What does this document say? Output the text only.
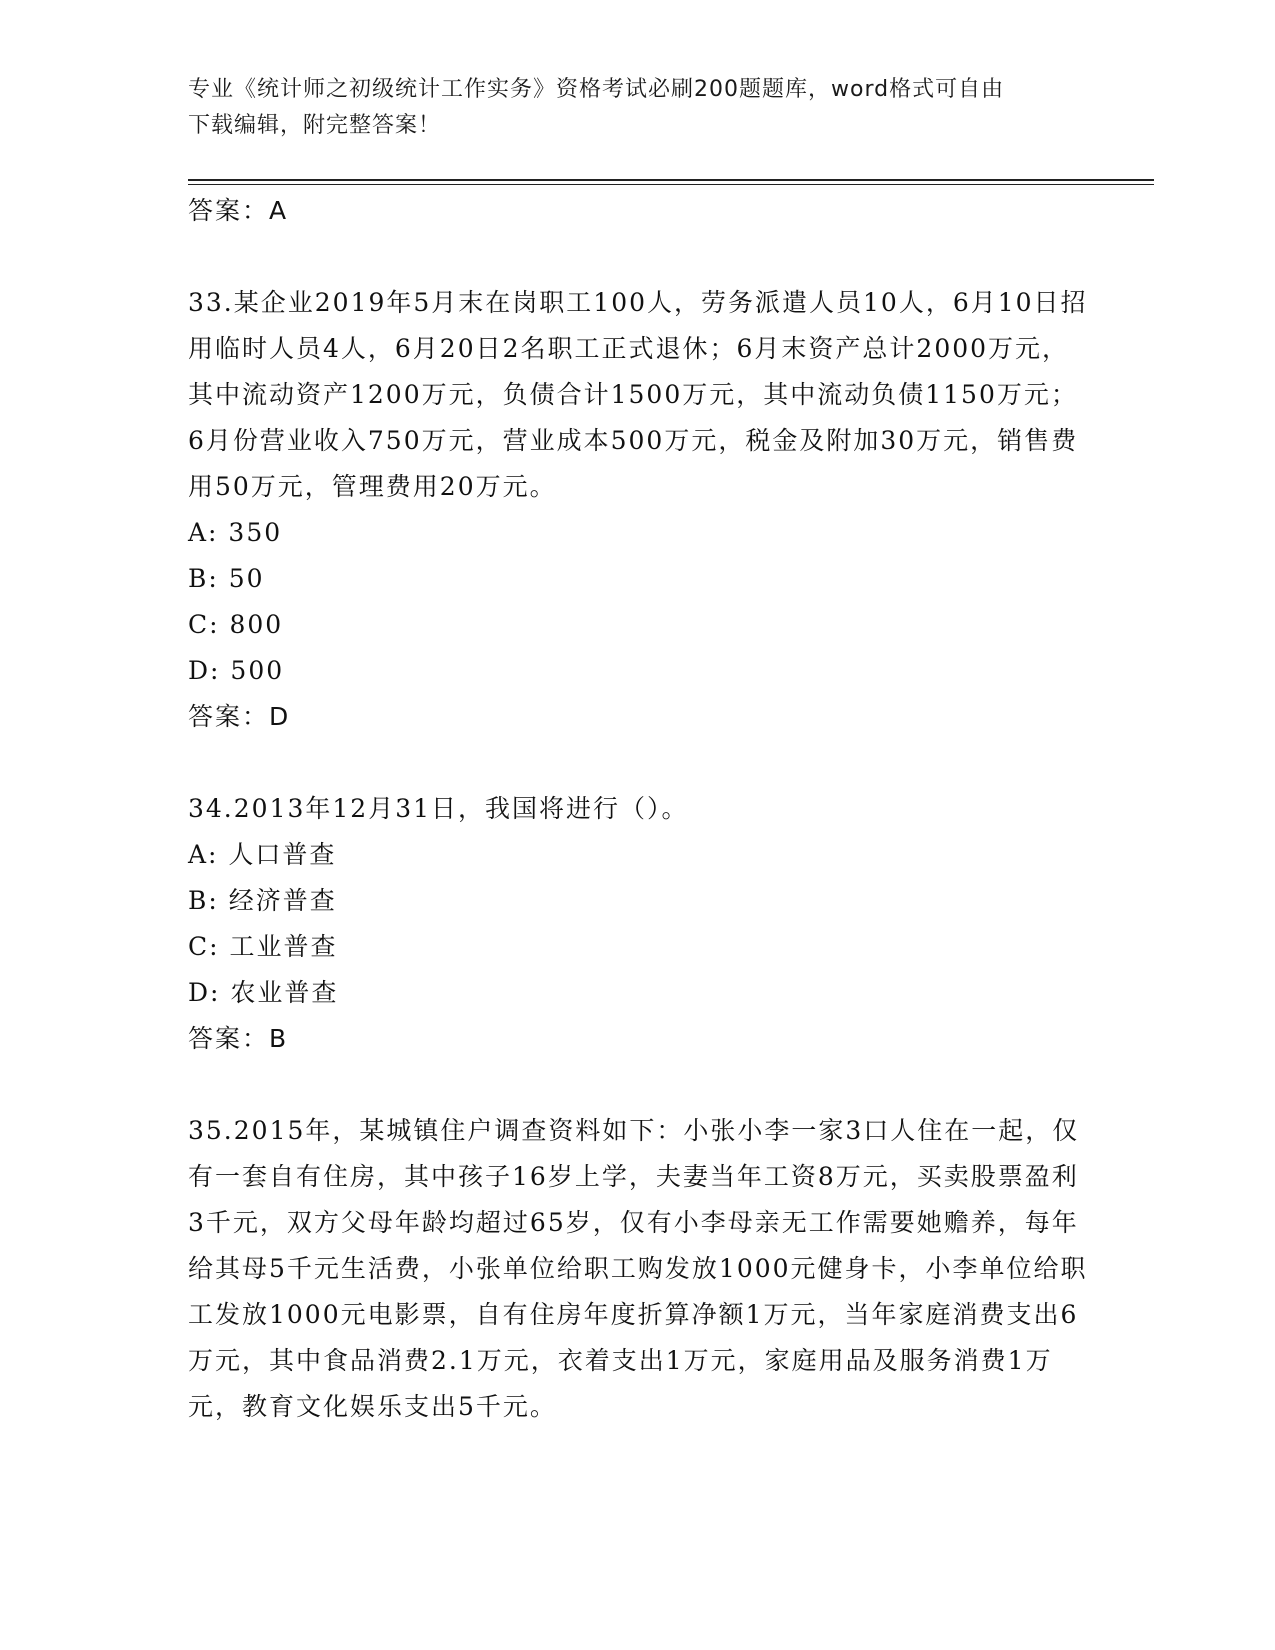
专业《统计师之初级统计工作实务》资格考试必刷200题题库，word格式可自由
下载编辑，附完整答案！
答案：A

33.某企业2019年5月末在岗职工100人，劳务派遣人员10人，6月10日招用临时人员4人，6月20日2名职工正式退休；6月末资产总计2000万元，其中流动资产1200万元，负债合计1500万元，其中流动负债1150万元；6月份营业收入750万元，营业成本500万元，税金及附加30万元，销售费用50万元，管理费用20万元。

A: 350
B: 50
C: 800
D: 500
答案：D

34.2013年12月31日，我国将进行（）。

A: 人口普查
B: 经济普查
C: 工业普查
D: 农业普查
答案：B

35.2015年，某城镇住户调查资料如下：小张小李一家3口人住在一起，仅有一套自有住房，其中孩子16岁上学，夫妻当年工资8万元，买卖股票盈利3千元，双方父母年龄均超过65岁，仅有小李母亲无工作需要她赡养，每年给其母5千元生活费，小张单位给职工购发放1000元健身卡，小李单位给职工发放1000元电影票，自有住房年度折算净额1万元，当年家庭消费支出6万元，其中食品消费2.1万元，衣着支出1万元，家庭用品及服务消费1万元，教育文化娱乐支出5千元。
